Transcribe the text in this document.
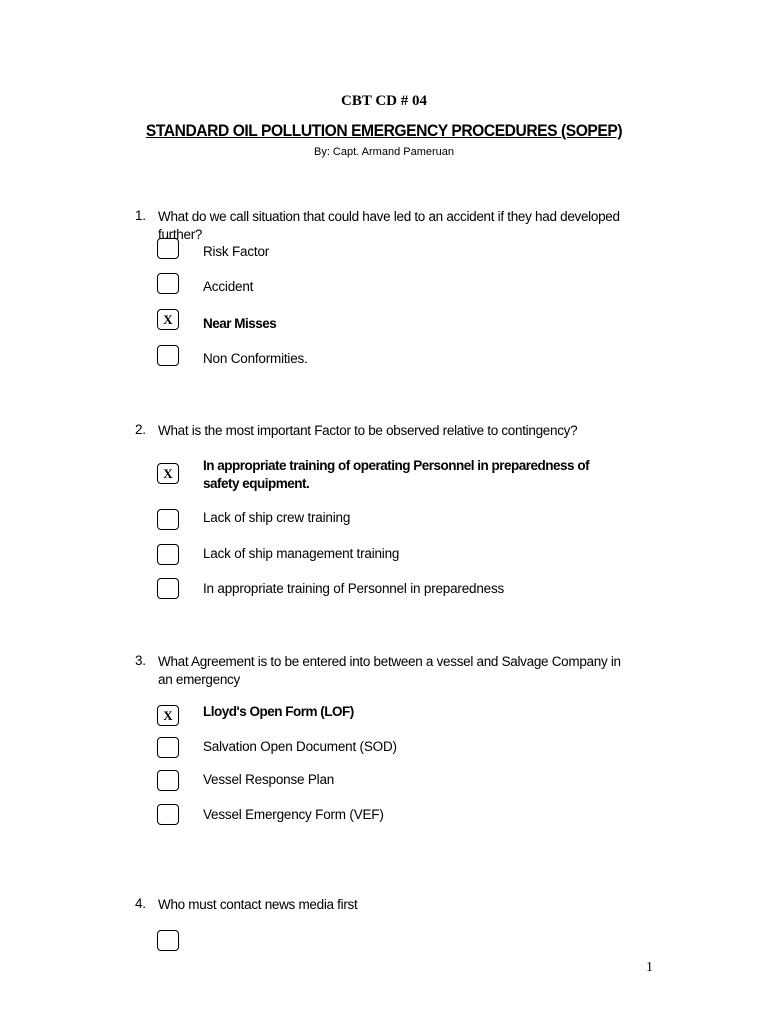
CBT CD # 04
STANDARD OIL POLLUTION EMERGENCY PROCEDURES (SOPEP)
By: Capt. Armand Pameruan
1. What do we call situation that could have led to an accident if they had developed further?
Risk Factor
Accident
X	Near Misses
Non Conformities.
2. What is the most important Factor to be observed relative to contingency?
X
In appropriate training of operating Personnel in preparedness of safety equipment.
Lack of ship crew training
Lack of ship management training
In appropriate training of Personnel in preparedness
3. What Agreement is to be entered into between a vessel and Salvage Company in an emergency
X	Lloyd's Open Form (LOF)
Salvation Open Document (SOD)
Vessel Response Plan
Vessel Emergency Form (VEF)
4. Who must contact news media first
1
